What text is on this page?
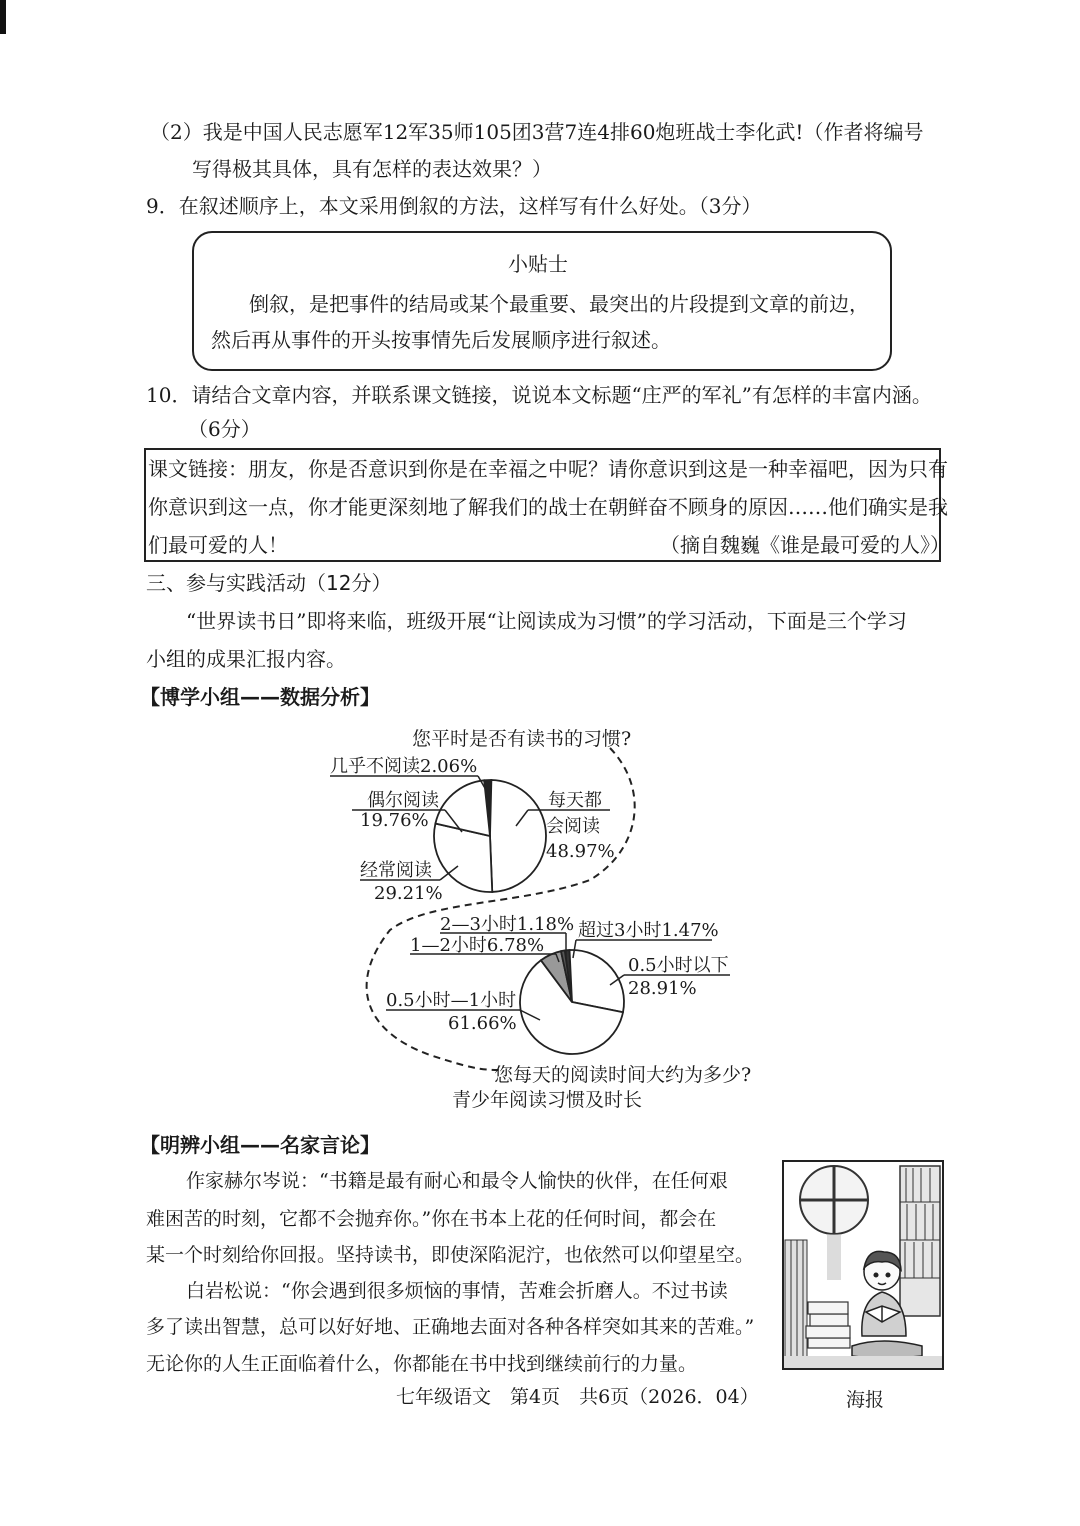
（2）我是中国人民志愿军12军35师105团3营7连4排60炮班战士李化武!（作者将编号
写得极其具体，具有怎样的表达效果？）
9．在叙述顺序上，本文采用倒叙的方法，这样写有什么好处。（3分）
小贴士
倒叙，是把事件的结局或某个最重要、最突出的片段提到文章的前边，
然后再从事件的开头按事情先后发展顺序进行叙述。
10．请结合文章内容，并联系课文链接，说说本文标题“庄严的军礼”有怎样的丰富内涵。
（6分）
课文链接：朋友，你是否意识到你是在幸福之中呢？请你意识到这是一种幸福吧，因为只有
你意识到这一点，你才能更深刻地了解我们的战士在朝鲜奋不顾身的原因……他们确实是我
们最可爱的人！	（摘自魏巍《谁是最可爱的人》）
三、参与实践活动（12分）
“世界读书日”即将来临，班级开展“让阅读成为习惯”的学习活动，下面是三个学习
小组的成果汇报内容。
【博学小组——数据分析】
您平时是否有读书的习惯?
几乎不阅读2.06%
偶尔阅读
19.76%
经常阅读
29.21%
每天都
会阅读
48.97%
2—3小时1.18%
1—2小时6.78%
超过3小时1.47%
0.5小时以下
28.91%
0.5小时—1小时
61.66%
您每天的阅读时间大约为多少?
青少年阅读习惯及时长
【明辨小组——名家言论】
作家赫尔岑说：“书籍是最有耐心和最令人愉快的伙伴，在任何艰
难困苦的时刻，它都不会抛弃你。”你在书本上花的任何时间，都会在
某一个时刻给你回报。坚持读书，即使深陷泥泞，也依然可以仰望星空。
白岩松说：“你会遇到很多烦恼的事情，苦难会折磨人。不过书读
多了读出智慧，总可以好好地、正确地去面对各种各样突如其来的苦难。”
无论你的人生正面临着什么，你都能在书中找到继续前行的力量。
海报
七年级语文　第4页　共6页（2026．04）
